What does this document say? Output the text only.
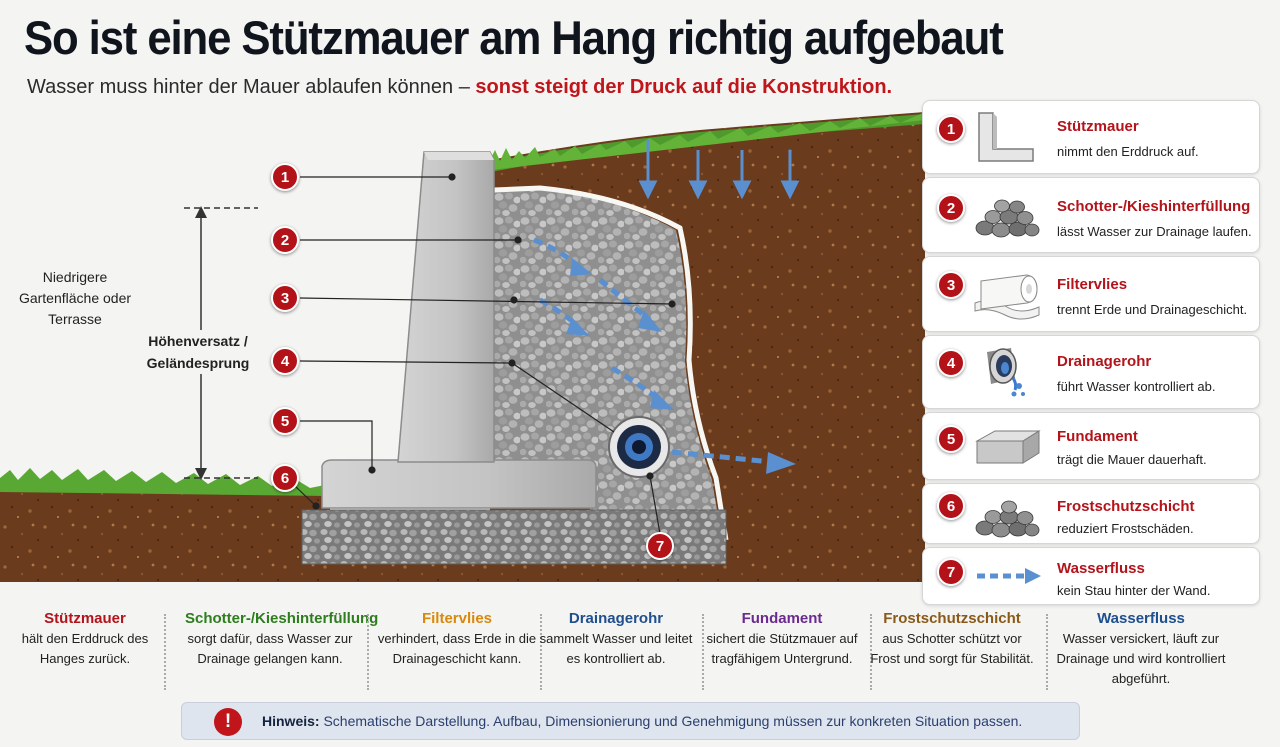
So ist eine Stützmauer am Hang richtig aufgebaut
Wasser muss hinter der Mauer ablaufen können – sonst steigt der Druck auf die Konstruktion.
Niedrigere Gartenfläche oder Terrasse
Höhenversatz / Geländesprung
1
2
3
4
5
6
7
1	Stützmauer
nimmt den Erddruck auf.
2	Schotter-/Kieshinterfüllung
lässt Wasser zur Drainage laufen.
3	Filtervlies
trennt Erde und Drainageschicht.
4	Drainagerohr
führt Wasser kontrolliert ab.
5	Fundament
trägt die Mauer dauerhaft.
6	Frostschutzschicht
reduziert Frostschäden.
7	Wasserfluss
kein Stau hinter der Wand.
Stützmauer
hält den Erddruck des Hanges zurück.
Schotter-/Kieshinterfüllung
sorgt dafür, dass Wasser zur Drainage gelangen kann.
Filtervlies
verhindert, dass Erde in die Drainageschicht kann.
Drainagerohr
sammelt Wasser und leitet es kontrolliert ab.
Fundament
sichert die Stützmauer auf tragfähigem Untergrund.
Frostschutzschicht
aus Schotter schützt vor Frost und sorgt für Stabilität.
Wasserfluss
Wasser versickert, läuft zur Drainage und wird kontrolliert abgeführt.
!	Hinweis: Schematische Darstellung. Aufbau, Dimensionierung und Genehmigung müssen zur konkreten Situation passen.
